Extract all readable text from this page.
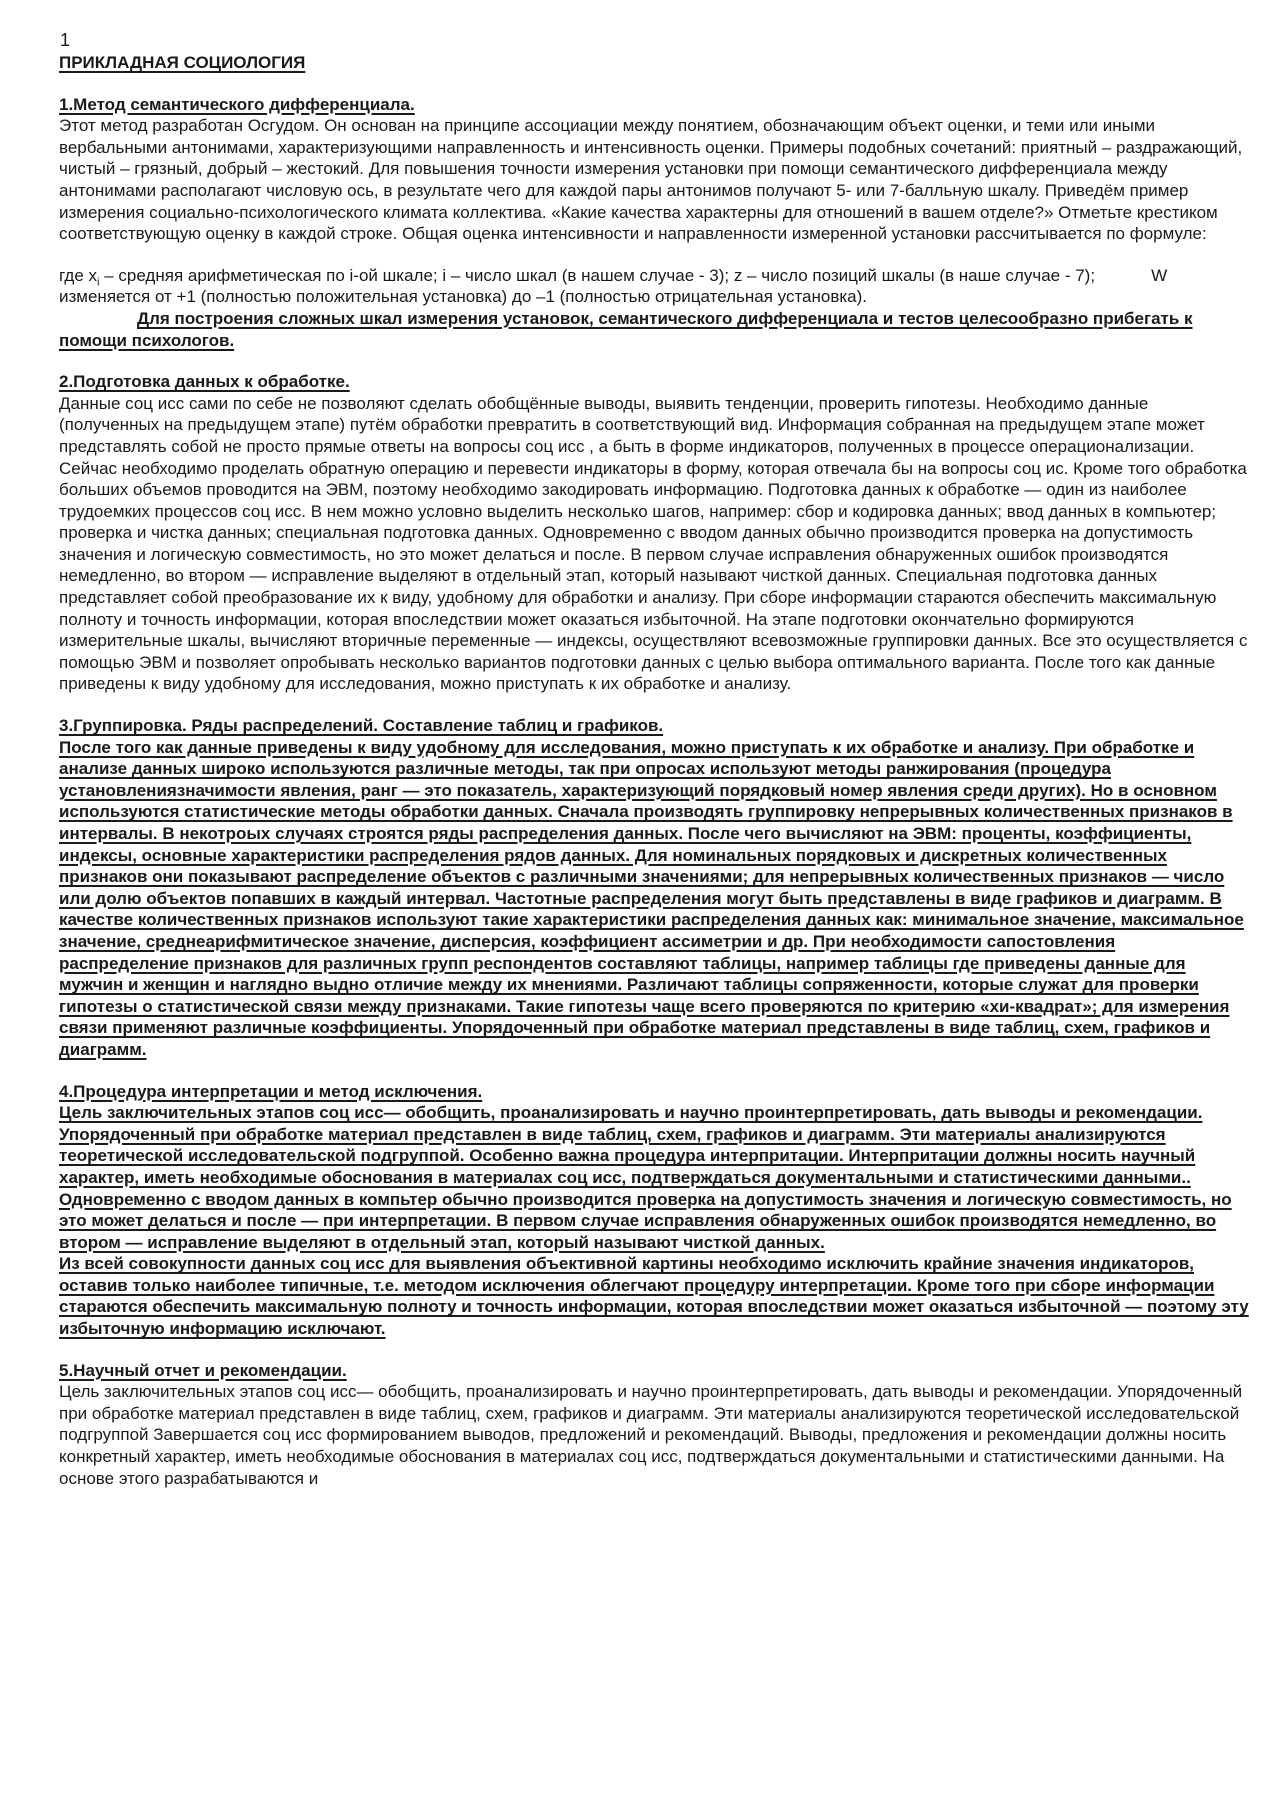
1

ПРИКЛАДНАЯ СОЦИОЛОГИЯ

1.Метод семантического дифференциала.

Этот метод разработан Осгудом. Он основан на принципе ассоциации между понятием, обозначающим объект оценки, и теми или иными вербальными антонимами, характеризующими направленность и интенсивность оценки. Примеры подобных сочетаний: приятный – раздражающий, чистый – грязный, добрый – жестокий. Для повышения точности измерения установки при помощи семантического дифференциала между антонимами располагают числовую ось, в результате чего для каждой пары антонимов получают 5- или 7-балльную шкалу. Приведём пример измерения социально-психологического климата коллектива. «Какие качества характерны для отношений в вашем отделе?» Отметьте крестиком соответствующую оценку в каждой строке. Общая оценка интенсивности и направленности измеренной установки рассчитывается по формуле:

где $x_i$ – средняя арифметическая по i-ой шкале; i – число шкал (в нашем случае - 3); z – число позиций шкалы (в наше случае - 7);	W изменяется от +1 (полностью положительная установка) до –1 (полностью отрицательная установка).

Для построения сложных шкал измерения установок, семантического дифференциала и тестов целесообразно прибегать к помощи психологов.

2.Подготовка данных к обработке.

Данные соц исс сами по себе не позволяют сделать обобщённые выводы, выявить тенденции, проверить гипотезы. Необходимо данные (полученных на предыдущем этапе) путём обработки превратить в соответствующий вид. Информация собранная на предыдущем этапе может представлять собой не просто прямые ответы на вопросы соц исс , а быть в форме индикаторов, полученных в процессе операционализации. Сейчас необходимо проделать обратную операцию и перевести индикаторы в форму, которая отвечала бы на вопросы соц ис. Кроме того обработка больших объемов проводится на ЭВМ, поэтому необходимо закодировать информацию. Подготовка данных к обработке — один из наиболее трудоемких процессов соц исс. В нем можно условно выделить несколько шагов, например: сбор и кодировка данных; ввод данных в компьютер; проверка и чистка данных; специальная подготовка данных. Одновременно с вводом данных обычно производится проверка на допустимость значения и логическую совместимость, но это может делаться и после. В первом случае исправления обнаруженных ошибок производятся немедленно, во втором — исправление выделяют в отдельный этап, который называют чисткой данных. Специальная подготовка данных представляет собой преобразование их к виду, удобному для обработки и анализу. При сборе информации стараются обеспечить максимальную полноту и точность информации, которая впоследствии может оказаться избыточной. На этапе подготовки окончательно формируются измерительные шкалы, вычисляют вторичные переменные — индексы, осуществляют всевозможные группировки данных. Все это осуществляется с помощью ЭВМ и позволяет опробывать несколько вариантов подготовки данных с целью выбора оптимального варианта. После того как данные приведены к виду удобному для исследования, можно приступать к их обработке и анализу.

3.Группировка. Ряды распределений. Составление таблиц и графиков.

После того как данные приведены к виду удобному для исследования, можно приступать к их обработке и анализу. При обработке и анализе данных широко используются различные методы, так при опросах используют методы ранжирования (процедура установлениязначимости явления, ранг — это показатель, характеризующий порядковый номер явления среди других). Но в основном используются статистические методы обработки данных. Сначала производять группировку непрерывных количественных признаков в интервалы. В некотроых случаях строятся ряды распределения данных. После чего вычисляют на ЭВМ: проценты, коэффициенты, индексы, основные характеристики распределения рядов данных. Для номинальных порядковых и дискретных количественных признаков они показывают распределение объектов с различными значениями; для непрерывных количественных признаков — число или долю объектов попавших в каждый интервал. Частотные распределения могут быть представлены в виде графиков и диаграмм. В качестве количественных признаков используют такие характеристики распределения данных как: минимальное значение, максимальное значение, среднеарифмитическое значение, дисперсия, коэффициент ассиметрии и др. При необходимости сапостовления распределение признаков для различных групп респондентов составляют таблицы, например таблицы где приведены данные для мужчин и женщин и наглядно выдно отличие между их мнениями. Различают таблицы сопряженности, которые служат для проверки гипотезы о статистической связи между признаками. Такие гипотезы чаще всего проверяются по критерию «хи-квадрат»; для измерения связи применяют различные коэффициенты. Упорядоченный при обработке материал представлены в виде таблиц, схем, графиков и диаграмм.

4.Процедура интерпретации и метод исключения.

Цель заключительных этапов соц исс— обобщить, проанализировать и научно проинтерпретировать, дать выводы и рекомендации. Упорядоченный при обработке материал представлен в виде таблиц, схем, графиков и диаграмм. Эти материалы анализируются теоретической исследовательской подгруппой. Особенно важна процедура интерпритации. Интерпритации должны носить научный характер, иметь необходимые обоснования в материалах соц исс, подтверждаться документальными и статистическими данными.. Одновременно с вводом данных в компьтер обычно производится проверка на допустимость значения и логическую совместимость, но это может делаться и после — при интерпретации. В первом случае исправления обнаруженных ошибок производятся немедленно, во втором — исправление выделяют в отдельный этап, который называют чисткой данных.

Из всей совокупности данных соц исс для выявления объективной картины необходимо исключить крайние значения индикаторов, оставив только наиболее типичные, т.е. методом исключения облегчают процедуру интерпретации. Кроме того при сборе информации стараются обеспечить максимальную полноту и точность информации, которая впоследствии может оказаться избыточной — поэтому эту избыточную информацию исключают.

5.Научный отчет и рекомендации.

Цель заключительных этапов соц исс— обобщить, проанализировать и научно проинтерпретировать, дать выводы и рекомендации. Упорядоченный при обработке материал представлен в виде таблиц, схем, графиков и диаграмм. Эти материалы анализируются теоретической исследовательской подгруппой Завершается соц исс формированием выводов, предложений и рекомендаций. Выводы, предложения и рекомендации должны носить конкретный характер, иметь необходимые обоснования в материалах соц исс, подтверждаться документальными и статистическими данными. На основе этого разрабатываются и
